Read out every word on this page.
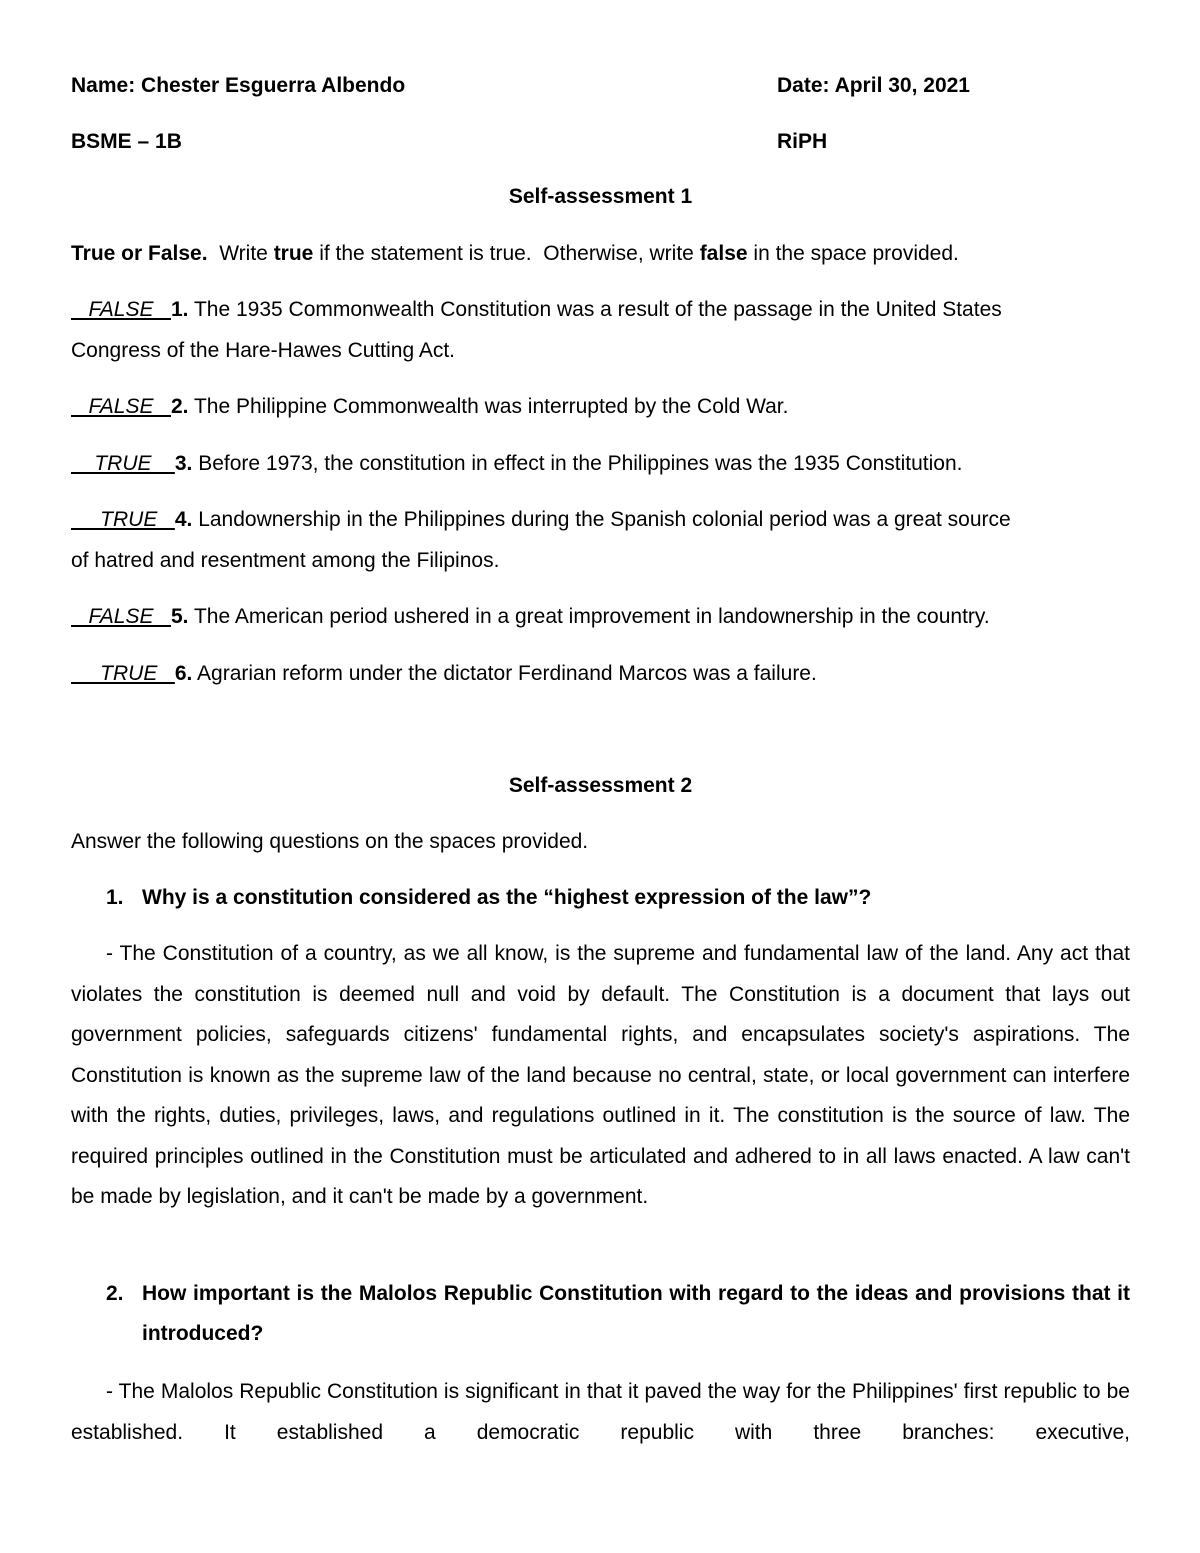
Name: Chester Esguerra Albendo	Date: April 30, 2021
BSME – 1B	RiPH
Self-assessment 1
True or False.  Write true if the statement is true.  Otherwise, write false in the space provided.
FALSE   1. The 1935 Commonwealth Constitution was a result of the passage in the United States
Congress of the Hare-Hawes Cutting Act.
FALSE   2. The Philippine Commonwealth was interrupted by the Cold War.
TRUE    3. Before 1973, the constitution in effect in the Philippines was the 1935 Constitution.
TRUE   4. Landownership in the Philippines during the Spanish colonial period was a great source
of hatred and resentment among the Filipinos.
FALSE   5. The American period ushered in a great improvement in landownership in the country.
TRUE   6. Agrarian reform under the dictator Ferdinand Marcos was a failure.
Self-assessment 2
Answer the following questions on the spaces provided.
1. Why is a constitution considered as the “highest expression of the law”?
- The Constitution of a country, as we all know, is the supreme and fundamental law of the land. Any act that violates the constitution is deemed null and void by default. The Constitution is a document that lays out government policies, safeguards citizens' fundamental rights, and encapsulates society's aspirations. The Constitution is known as the supreme law of the land because no central, state, or local government can interfere with the rights, duties, privileges, laws, and regulations outlined in it. The constitution is the source of law. The required principles outlined in the Constitution must be articulated and adhered to in all laws enacted. A law can't be made by legislation, and it can't be made by a government.
2. How important is the Malolos Republic Constitution with regard to the ideas and provisions that it introduced?
- The Malolos Republic Constitution is significant in that it paved the way for the Philippines' first republic to be established. It established a democratic republic with three branches: executive,
